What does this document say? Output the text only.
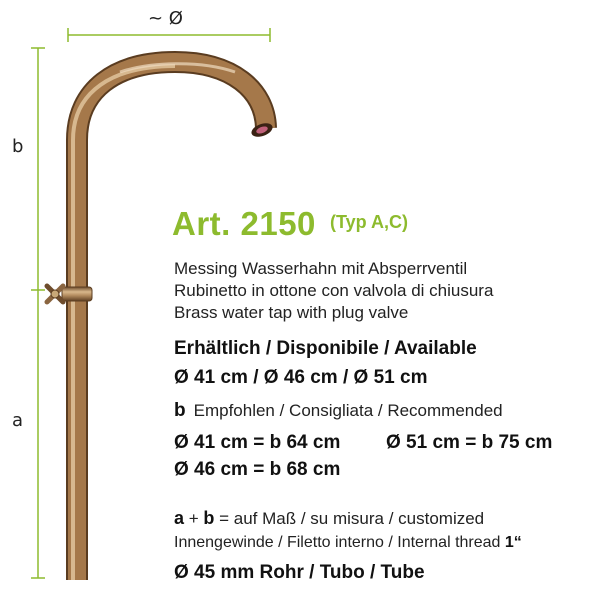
~ Ø
b
a
Art. 2150 (Typ A,C)
Messing Wasserhahn mit Absperrventil
Rubinetto in ottone con valvola di chiusura
Brass water tap with plug valve
Erhältlich / Disponibile / Available
Ø 41 cm / Ø 46 cm / Ø 51 cm
b Empfohlen / Consigliata / Recommended
Ø 41 cm = b 64 cm Ø 51 cm = b 75 cm
Ø 46 cm = b 68 cm
a + b = auf Maß / su misura / customized
Innengewinde / Filetto interno / Internal thread 1“
Ø 45 mm Rohr / Tubo / Tube
